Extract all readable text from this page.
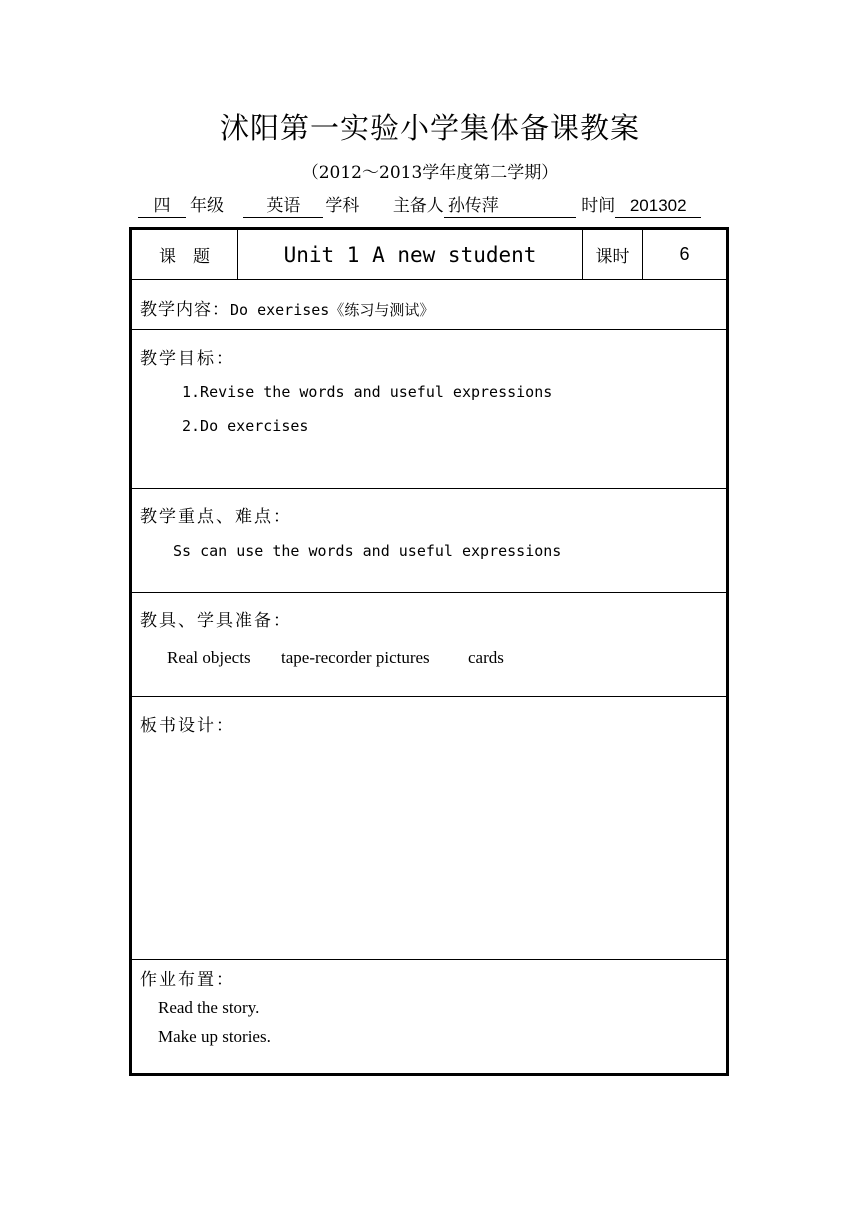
沭阳第一实验小学集体备课教案
（2012～2013学年度第二学期）
四 年级 英语 学科 主备人 孙传萍	时间 201302
课　题	Unit 1 A new student	课时	6
教学内容：Do exerises《练习与测试》
教学目标：
1.Revise the words and useful expressions
2.Do exercises
教学重点、难点：
Ss can use the words and useful expressions
教具、学具准备：
Real objects tape-recorder pictures cards
板书设计：
作业布置：
Read the story.
Make up stories.
